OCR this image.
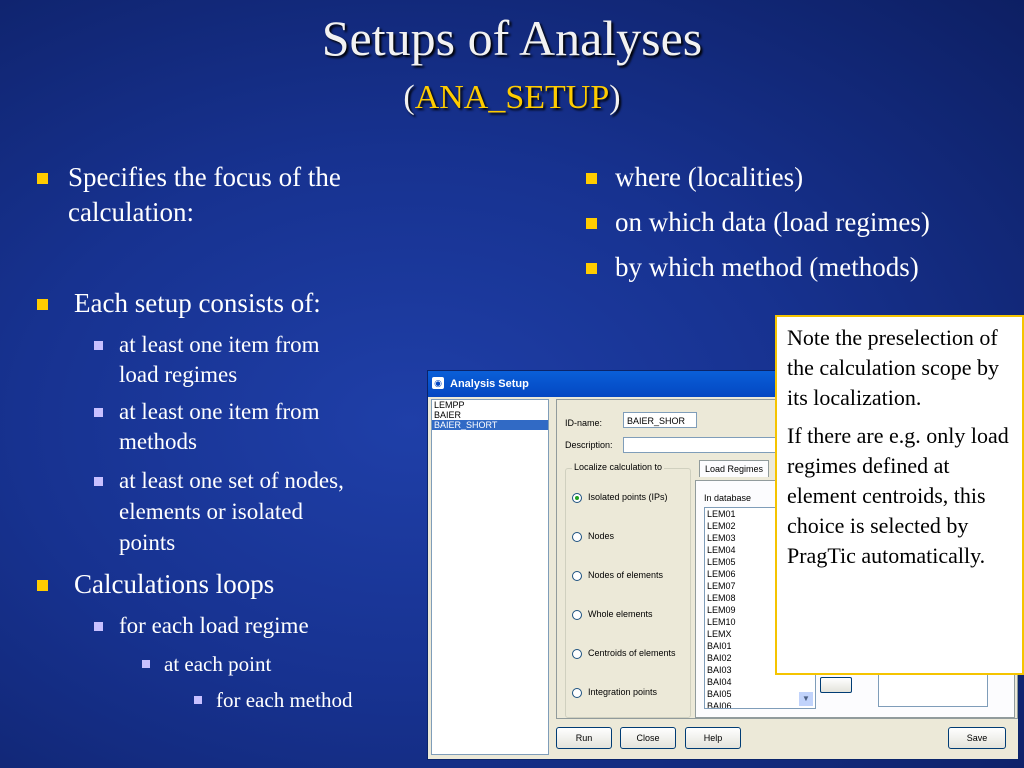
Setups of Analyses
(ANA_SETUP)
Specifies the focus of the
calculation:
Each setup consists of:
at least one item from
load regimes
at least one item from
methods
at least one set of nodes,
elements or isolated
points
Calculations loops
for each load regime
at each point
for each method
where (localities)
on which data (load regimes)
by which method (methods)
◉ Analysis Setup
LEMPP
BAIER
BAIER_SHORT	ID-name:	BAIER_SHOR
Description:
Localize calculation to
Isolated points (IPs)
Nodes
Nodes of elements
Whole elements
Centroids of elements
Integration points
Load Regimes
In database
LEM01
LEM02
LEM03
LEM04
LEM05
LEM06
LEM07
LEM08
LEM09
LEM10
LEMX
BAI01
BAI02
BAI03
BAI04
BAI05
BAI06
▼
Run	Close	Help	Save

Note the preselection of the calculation scope by its localization.

If there are e.g. only load regimes defined at element centroids, this choice is selected by PragTic automatically.
